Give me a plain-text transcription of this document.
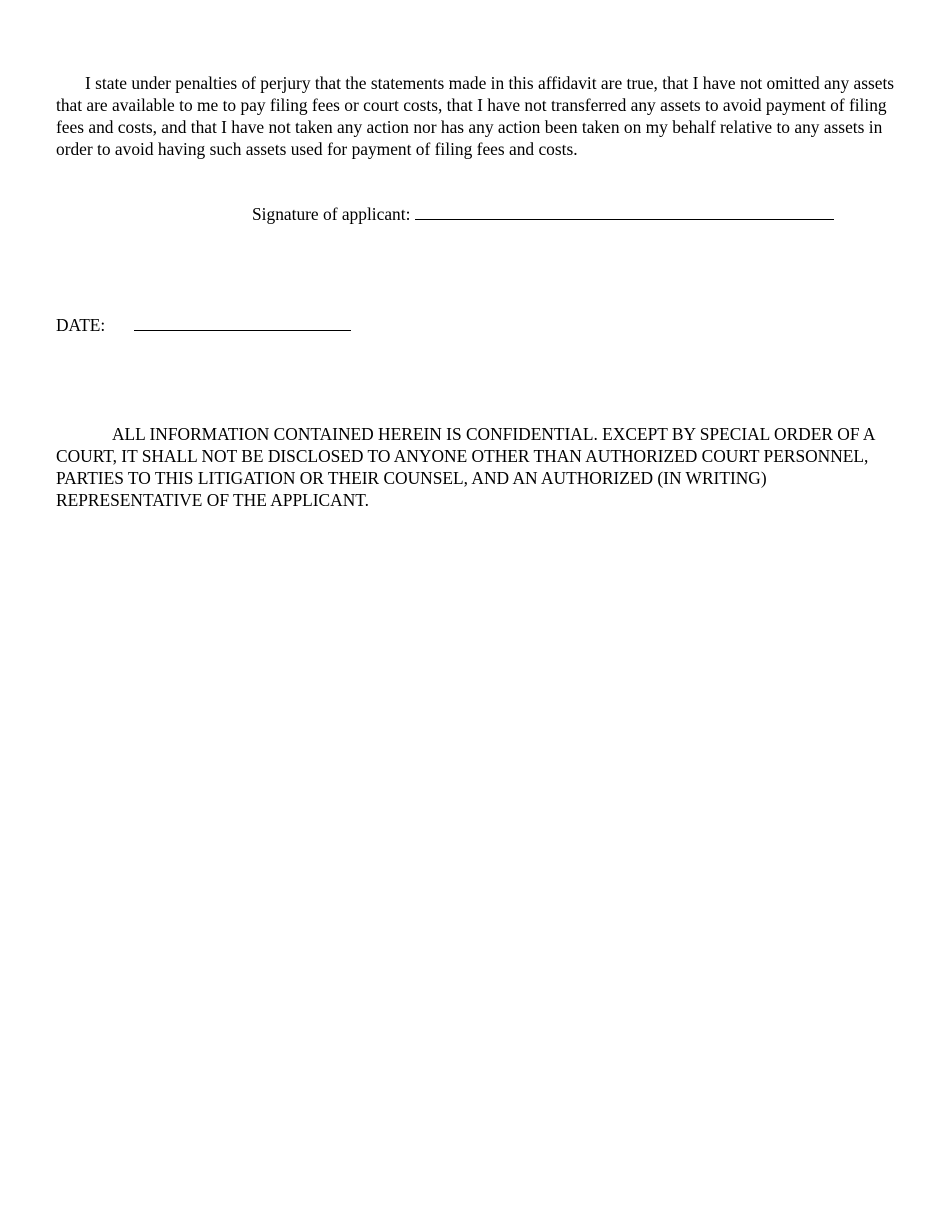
I state under penalties of perjury that the statements made in this affidavit are true, that I have not omitted any assets that are available to me to pay filing fees or court costs, that I have not transferred any assets to avoid payment of filing fees and costs, and that I have not taken any action nor has any action been taken on my behalf relative to any assets in order to avoid having such assets used for payment of filing fees and costs.

Signature of applicant:
DATE:

ALL INFORMATION CONTAINED HEREIN IS CONFIDENTIAL. EXCEPT BY SPECIAL ORDER OF A COURT, IT SHALL NOT BE DISCLOSED TO ANYONE OTHER THAN AUTHORIZED COURT PERSONNEL, PARTIES TO THIS LITIGATION OR THEIR COUNSEL, AND AN AUTHORIZED (IN WRITING) REPRESENTATIVE OF THE APPLICANT.
